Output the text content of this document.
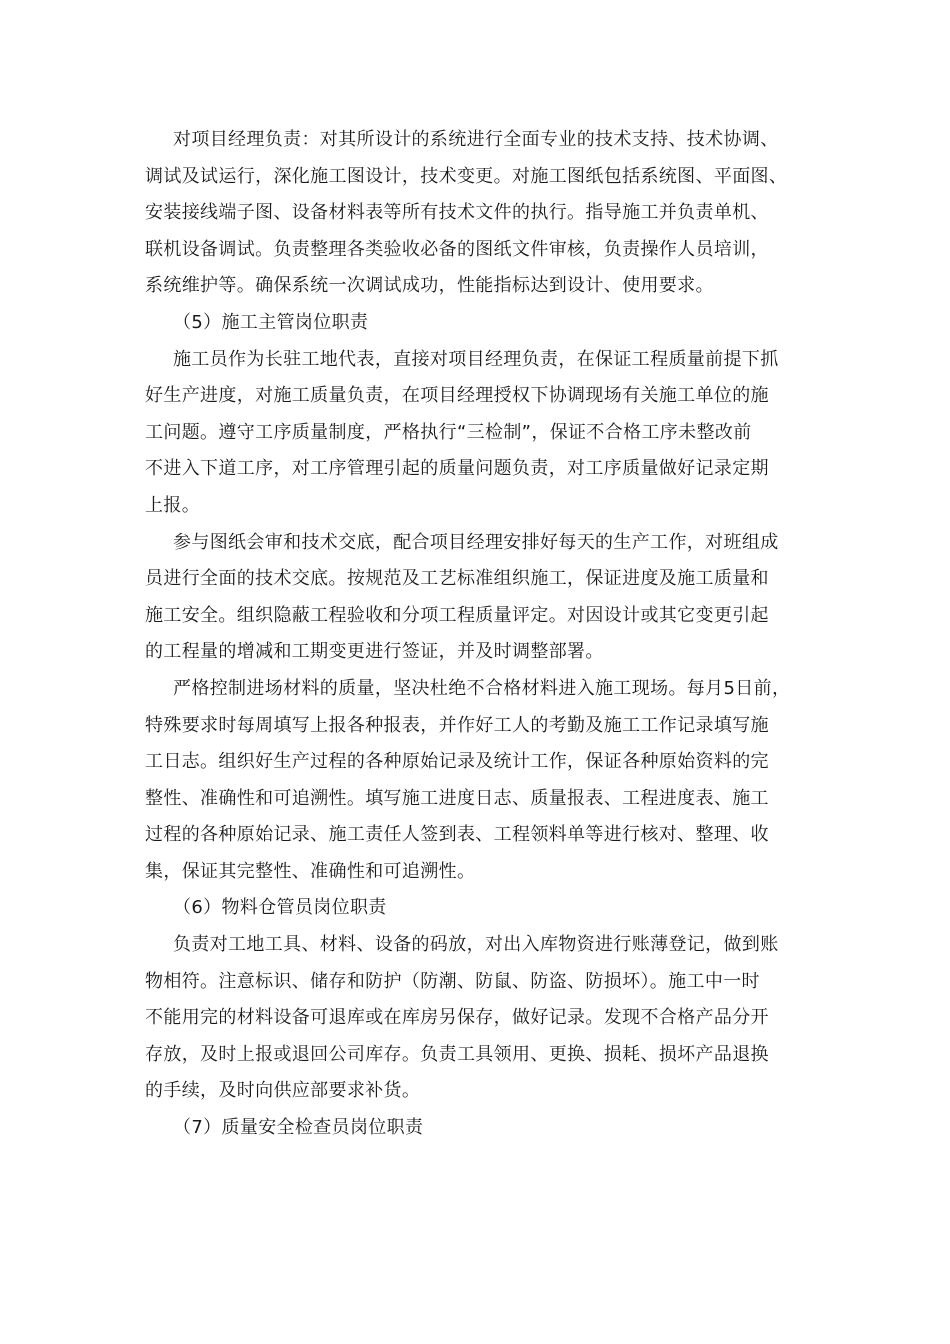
对项目经理负责：对其所设计的系统进行全面专业的技术支持、技术协调、
调试及试运行，深化施工图设计，技术变更。对施工图纸包括系统图、平面图、
安装接线端子图、设备材料表等所有技术文件的执行。指导施工并负责单机、
联机设备调试。负责整理各类验收必备的图纸文件审核，负责操作人员培训，
系统维护等。确保系统一次调试成功，性能指标达到设计、使用要求。
（5）施工主管岗位职责
施工员作为长驻工地代表，直接对项目经理负责，在保证工程质量前提下抓
好生产进度，对施工质量负责，在项目经理授权下协调现场有关施工单位的施
工问题。遵守工序质量制度，严格执行“三检制”，保证不合格工序未整改前
不进入下道工序，对工序管理引起的质量问题负责，对工序质量做好记录定期
上报。
参与图纸会审和技术交底，配合项目经理安排好每天的生产工作，对班组成
员进行全面的技术交底。按规范及工艺标准组织施工，保证进度及施工质量和
施工安全。组织隐蔽工程验收和分项工程质量评定。对因设计或其它变更引起
的工程量的增减和工期变更进行签证，并及时调整部署。
严格控制进场材料的质量，坚决杜绝不合格材料进入施工现场。每月5日前，
特殊要求时每周填写上报各种报表，并作好工人的考勤及施工工作记录填写施
工日志。组织好生产过程的各种原始记录及统计工作，保证各种原始资料的完
整性、准确性和可追溯性。填写施工进度日志、质量报表、工程进度表、施工
过程的各种原始记录、施工责任人签到表、工程领料单等进行核对、整理、收
集，保证其完整性、准确性和可追溯性。
（6）物料仓管员岗位职责
负责对工地工具、材料、设备的码放，对出入库物资进行账薄登记，做到账
物相符。注意标识、储存和防护（防潮、防鼠、防盗、防损坏）。施工中一时
不能用完的材料设备可退库或在库房另保存，做好记录。发现不合格产品分开
存放，及时上报或退回公司库存。负责工具领用、更换、损耗、损坏产品退换
的手续，及时向供应部要求补货。
（7）质量安全检查员岗位职责
